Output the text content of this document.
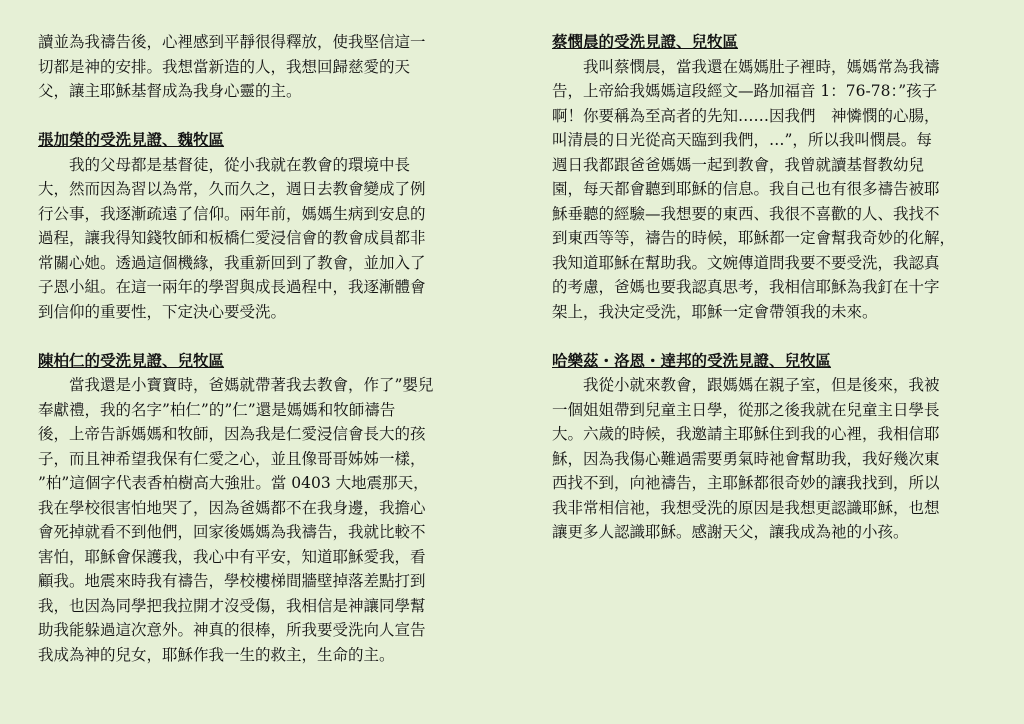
讀並為我禱告後，心裡感到平靜很得釋放，使我堅信這一
切都是神的安排。我想當新造的人，我想回歸慈愛的天
父，讓主耶穌基督成為我身心靈的主。
張加榮的受洗見證、魏牧區
　　我的父母都是基督徒，從小我就在教會的環境中長
大，然而因為習以為常，久而久之，週日去教會變成了例
行公事，我逐漸疏遠了信仰。兩年前，媽媽生病到安息的
過程，讓我得知錢牧師和板橋仁愛浸信會的教會成員都非
常關心她。透過這個機緣，我重新回到了教會，並加入了
子恩小組。在這一兩年的學習與成長過程中，我逐漸體會
到信仰的重要性，下定決心要受洗。
陳柏仁的受洗見證、兒牧區
　　當我還是小寶寶時，爸媽就帶著我去教會，作了”嬰兒
奉獻禮，我的名字”柏仁”的”仁”還是媽媽和牧師禱告
後，上帝告訴媽媽和牧師，因為我是仁愛浸信會長大的孩
子，而且神希望我保有仁愛之心，並且像哥哥姊姊一樣，
”柏”這個字代表香柏樹高大強壯。當 0403 大地震那天，
我在學校很害怕地哭了，因為爸媽都不在我身邊，我擔心
會死掉就看不到他們，回家後媽媽為我禱告，我就比較不
害怕，耶穌會保護我，我心中有平安，知道耶穌愛我，看
顧我。地震來時我有禱告，學校樓梯間牆壁掉落差點打到
我，也因為同學把我拉開才沒受傷，我相信是神讓同學幫
助我能躲過這次意外。神真的很棒，所我要受洗向人宣告
我成為神的兒女，耶穌作我一生的救主，生命的主。
蔡憫晨的受洗見證、兒牧區
　　我叫蔡憫晨，當我還在媽媽肚子裡時，媽媽常為我禱
告，上帝給我媽媽這段經文—路加福音 1：76-78：”孩子
啊！你要稱為至高者的先知……因我們　神憐憫的心腸，
叫清晨的日光從高天臨到我們，…”，所以我叫憫晨。每
週日我都跟爸爸媽媽一起到教會，我曾就讀基督教幼兒
園，每天都會聽到耶穌的信息。我自己也有很多禱告被耶
穌垂聽的經驗—我想要的東西、我很不喜歡的人、我找不
到東西等等，禱告的時候，耶穌都一定會幫我奇妙的化解，
我知道耶穌在幫助我。文婉傳道問我要不要受洗，我認真
的考慮，爸媽也要我認真思考，我相信耶穌為我釘在十字
架上，我決定受洗，耶穌一定會帶領我的未來。
哈樂茲・洛恩・達邦的受洗見證、兒牧區
　　我從小就來教會，跟媽媽在親子室，但是後來，我被
一個姐姐帶到兒童主日學，從那之後我就在兒童主日學長
大。六歲的時候，我邀請主耶穌住到我的心裡，我相信耶
穌，因為我傷心難過需要勇氣時祂會幫助我，我好幾次東
西找不到，向祂禱告，主耶穌都很奇妙的讓我找到，所以
我非常相信祂，我想受洗的原因是我想更認識耶穌，也想
讓更多人認識耶穌。感謝天父，讓我成為祂的小孩。
